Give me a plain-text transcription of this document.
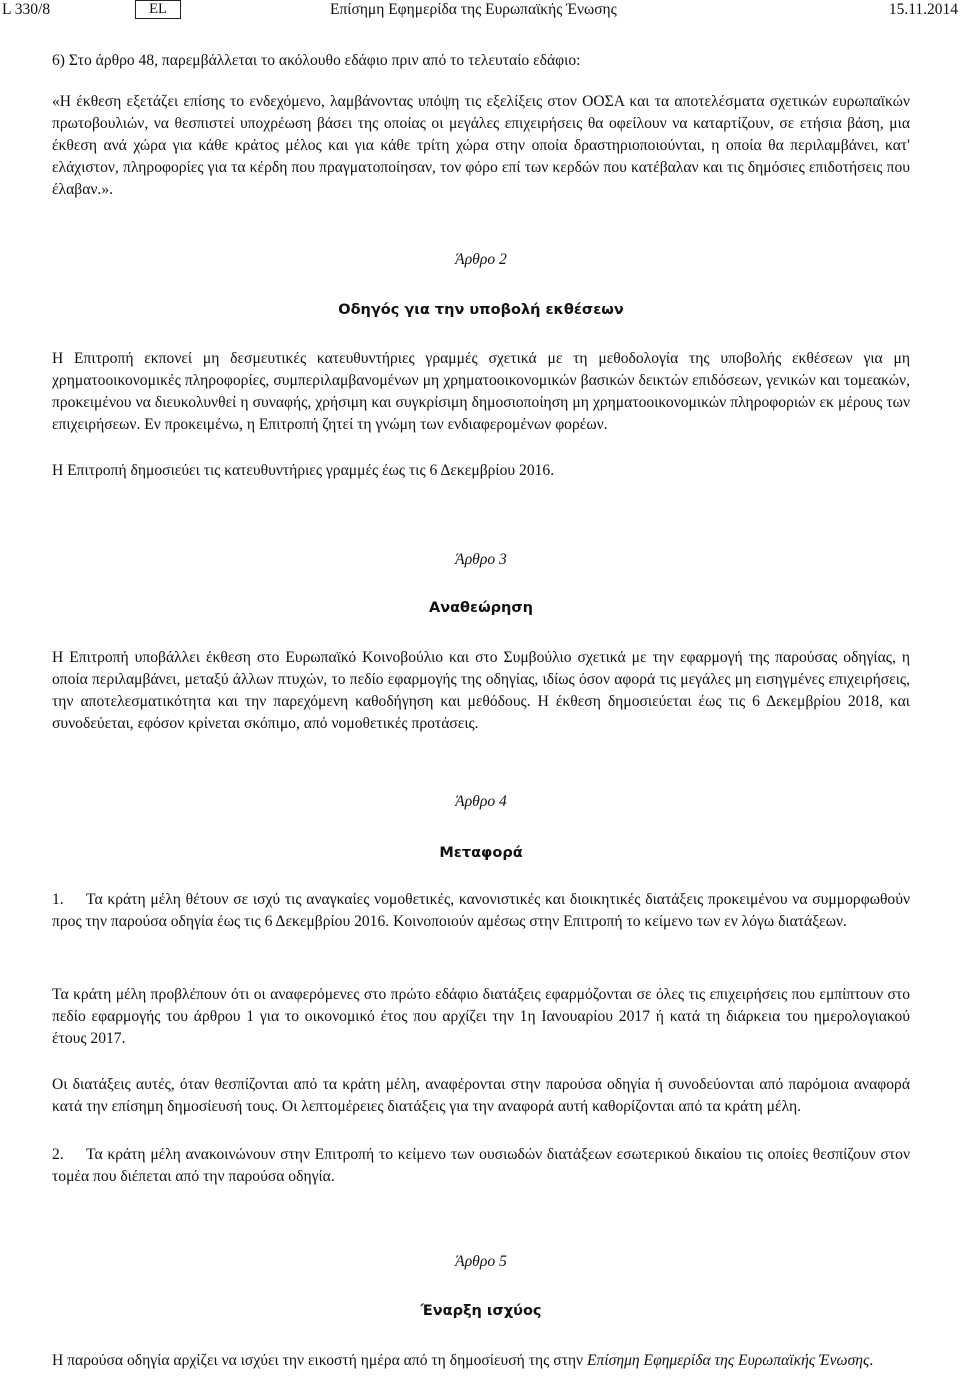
L 330/8	EL	Επίσημη Εφημερίδα της Ευρωπαϊκής Ένωσης	15.11.2014
6) Στο άρθρο 48, παρεμβάλλεται το ακόλουθο εδάφιο πριν από το τελευταίο εδάφιο:
«Η έκθεση εξετάζει επίσης το ενδεχόμενο, λαμβάνοντας υπόψη τις εξελίξεις στον ΟΟΣΑ και τα αποτελέσματα σχετικών ευρωπαϊκών πρωτοβουλιών, να θεσπιστεί υποχρέωση βάσει της οποίας οι μεγάλες επιχειρήσεις θα οφείλουν να καταρτίζουν, σε ετήσια βάση, μια έκθεση ανά χώρα για κάθε κράτος μέλος και για κάθε τρίτη χώρα στην οποία δραστηριοποιούνται, η οποία θα περιλαμβάνει, κατ' ελάχιστον, πληροφορίες για τα κέρδη που πραγματοποίησαν, τον φόρο επί των κερδών που κατέβαλαν και τις δημόσιες επιδοτήσεις που έλαβαν.».
Άρθρο 2
Οδηγός για την υποβολή εκθέσεων
Η Επιτροπή εκπονεί μη δεσμευτικές κατευθυντήριες γραμμές σχετικά με τη μεθοδολογία της υποβολής εκθέσεων για μη χρηματοοικονομικές πληροφορίες, συμπεριλαμβανομένων μη χρηματοοικονομικών βασικών δεικτών επιδόσεων, γενικών και τομεακών, προκειμένου να διευκολυνθεί η συναφής, χρήσιμη και συγκρίσιμη δημοσιοποίηση μη χρηματοοικονομικών πληροφοριών εκ μέρους των επιχειρήσεων. Εν προκειμένω, η Επιτροπή ζητεί τη γνώμη των ενδιαφερομένων φορέων.
Η Επιτροπή δημοσιεύει τις κατευθυντήριες γραμμές έως τις 6 Δεκεμβρίου 2016.
Άρθρο 3
Αναθεώρηση
Η Επιτροπή υποβάλλει έκθεση στο Ευρωπαϊκό Κοινοβούλιο και στο Συμβούλιο σχετικά με την εφαρμογή της παρούσας οδηγίας, η οποία περιλαμβάνει, μεταξύ άλλων πτυχών, το πεδίο εφαρμογής της οδηγίας, ιδίως όσον αφορά τις μεγάλες μη εισηγμένες επιχειρήσεις, την αποτελεσματικότητα και την παρεχόμενη καθοδήγηση και μεθόδους. Η έκθεση δημοσιεύεται έως τις 6 Δεκεμβρίου 2018, και συνοδεύεται, εφόσον κρίνεται σκόπιμο, από νομοθετικές προτάσεις.
Άρθρο 4
Μεταφορά
1. Τα κράτη μέλη θέτουν σε ισχύ τις αναγκαίες νομοθετικές, κανονιστικές και διοικητικές διατάξεις προκειμένου να συμμορφωθούν προς την παρούσα οδηγία έως τις 6 Δεκεμβρίου 2016. Κοινοποιούν αμέσως στην Επιτροπή το κείμενο των εν λόγω διατάξεων.
Τα κράτη μέλη προβλέπουν ότι οι αναφερόμενες στο πρώτο εδάφιο διατάξεις εφαρμόζονται σε όλες τις επιχειρήσεις που εμπίπτουν στο πεδίο εφαρμογής του άρθρου 1 για το οικονομικό έτος που αρχίζει την 1η Ιανουαρίου 2017 ή κατά τη διάρκεια του ημερολογιακού έτους 2017.
Οι διατάξεις αυτές, όταν θεσπίζονται από τα κράτη μέλη, αναφέρονται στην παρούσα οδηγία ή συνοδεύονται από παρόμοια αναφορά κατά την επίσημη δημοσίευσή τους. Οι λεπτομέρειες διατάξεις για την αναφορά αυτή καθορίζονται από τα κράτη μέλη.
2. Τα κράτη μέλη ανακοινώνουν στην Επιτροπή το κείμενο των ουσιωδών διατάξεων εσωτερικού δικαίου τις οποίες θεσπίζουν στον τομέα που διέπεται από την παρούσα οδηγία.
Άρθρο 5
Έναρξη ισχύος
Η παρούσα οδηγία αρχίζει να ισχύει την εικοστή ημέρα από τη δημοσίευσή της στην Επίσημη Εφημερίδα της Ευρωπαϊκής Ένωσης.
